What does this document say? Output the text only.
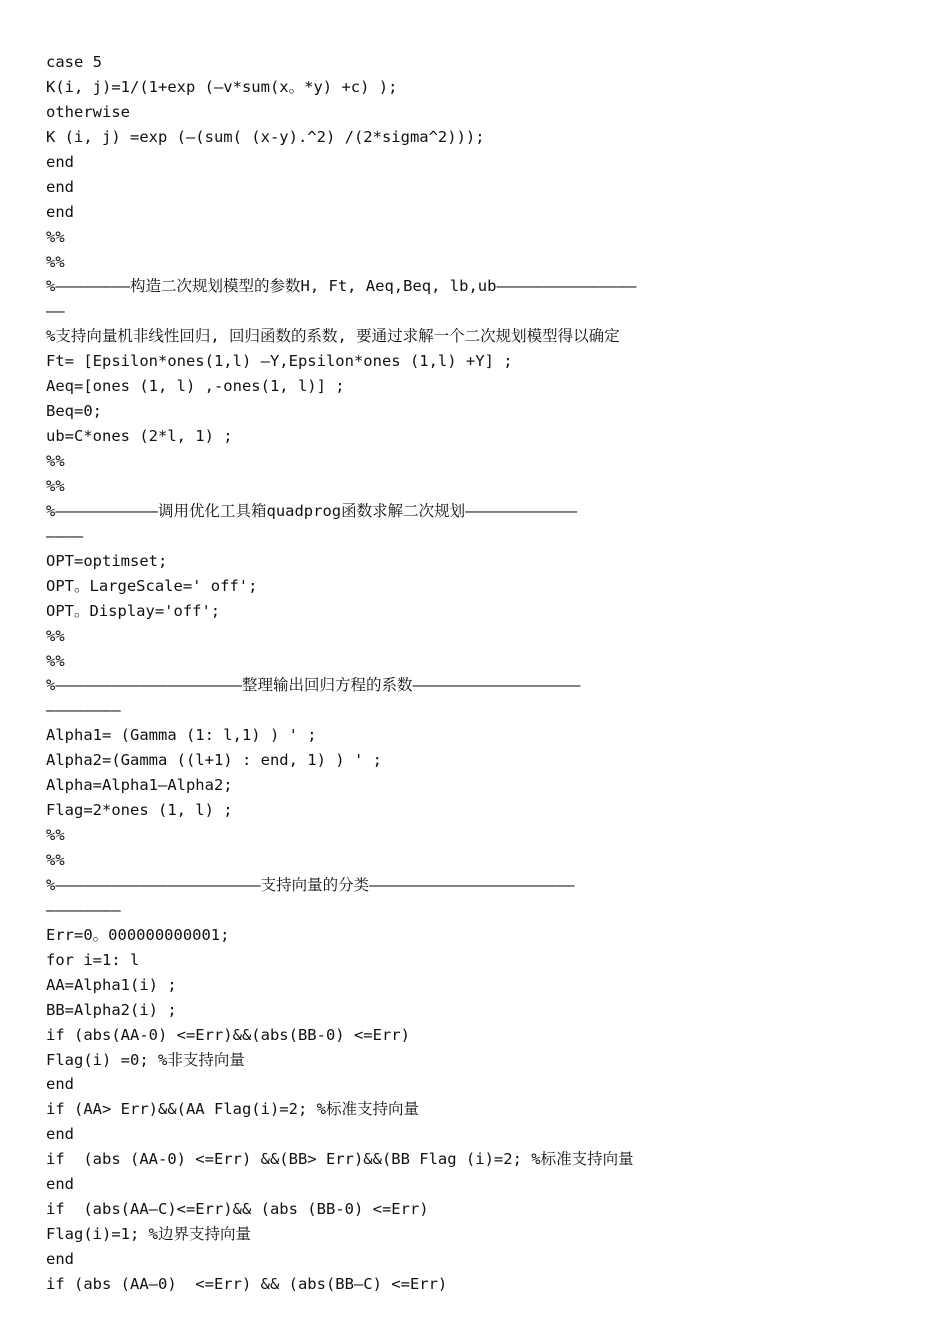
case 5
K(i, j)=1/(1+exp (—v*sum(x。*y) +c) );
otherwise
K (i, j) =exp (—(sum( (x-y).^2) /(2*sigma^2)));
end
end
end
%%
%%
%————————构造二次规划模型的参数H, Ft, Aeq,Beq, lb,ub———————————————
——
%支持向量机非线性回归, 回归函数的系数, 要通过求解一个二次规划模型得以确定
Ft= [Epsilon*ones(1,l) —Y,Epsilon*ones (1,l) +Y] ;
Aeq=[ones (1, l) ,-ones(1, l)] ;
Beq=0;
ub=C*ones (2*l, 1) ;
%%
%%
%———————————调用优化工具箱quadprog函数求解二次规划————————————
————
OPT=optimset;
OPT。LargeScale=' off';
OPT。Display='off';
%%
%%
%————————————————————整理输出回归方程的系数——————————————————
————————
Alpha1= (Gamma (1: l,1) ) ' ;
Alpha2=(Gamma ((l+1) : end, 1) ) ' ;
Alpha=Alpha1—Alpha2;
Flag=2*ones (1, l) ;
%%
%%
%——————————————————————支持向量的分类——————————————————————
————————
Err=0。000000000001;
for i=1: l
AA=Alpha1(i) ;
BB=Alpha2(i) ;
if (abs(AA-0) <=Err)&&(abs(BB-0) <=Err)
Flag(i) =0; %非支持向量
end
if (AA> Err)&&(AA Flag(i)=2; %标准支持向量
end
if  (abs (AA-0) <=Err) &&(BB> Err)&&(BB Flag (i)=2; %标准支持向量
end
if  (abs(AA—C)<=Err)&& (abs (BB-0) <=Err)
Flag(i)=1; %边界支持向量
end
if (abs (AA—0)  <=Err) && (abs(BB—C) <=Err)
